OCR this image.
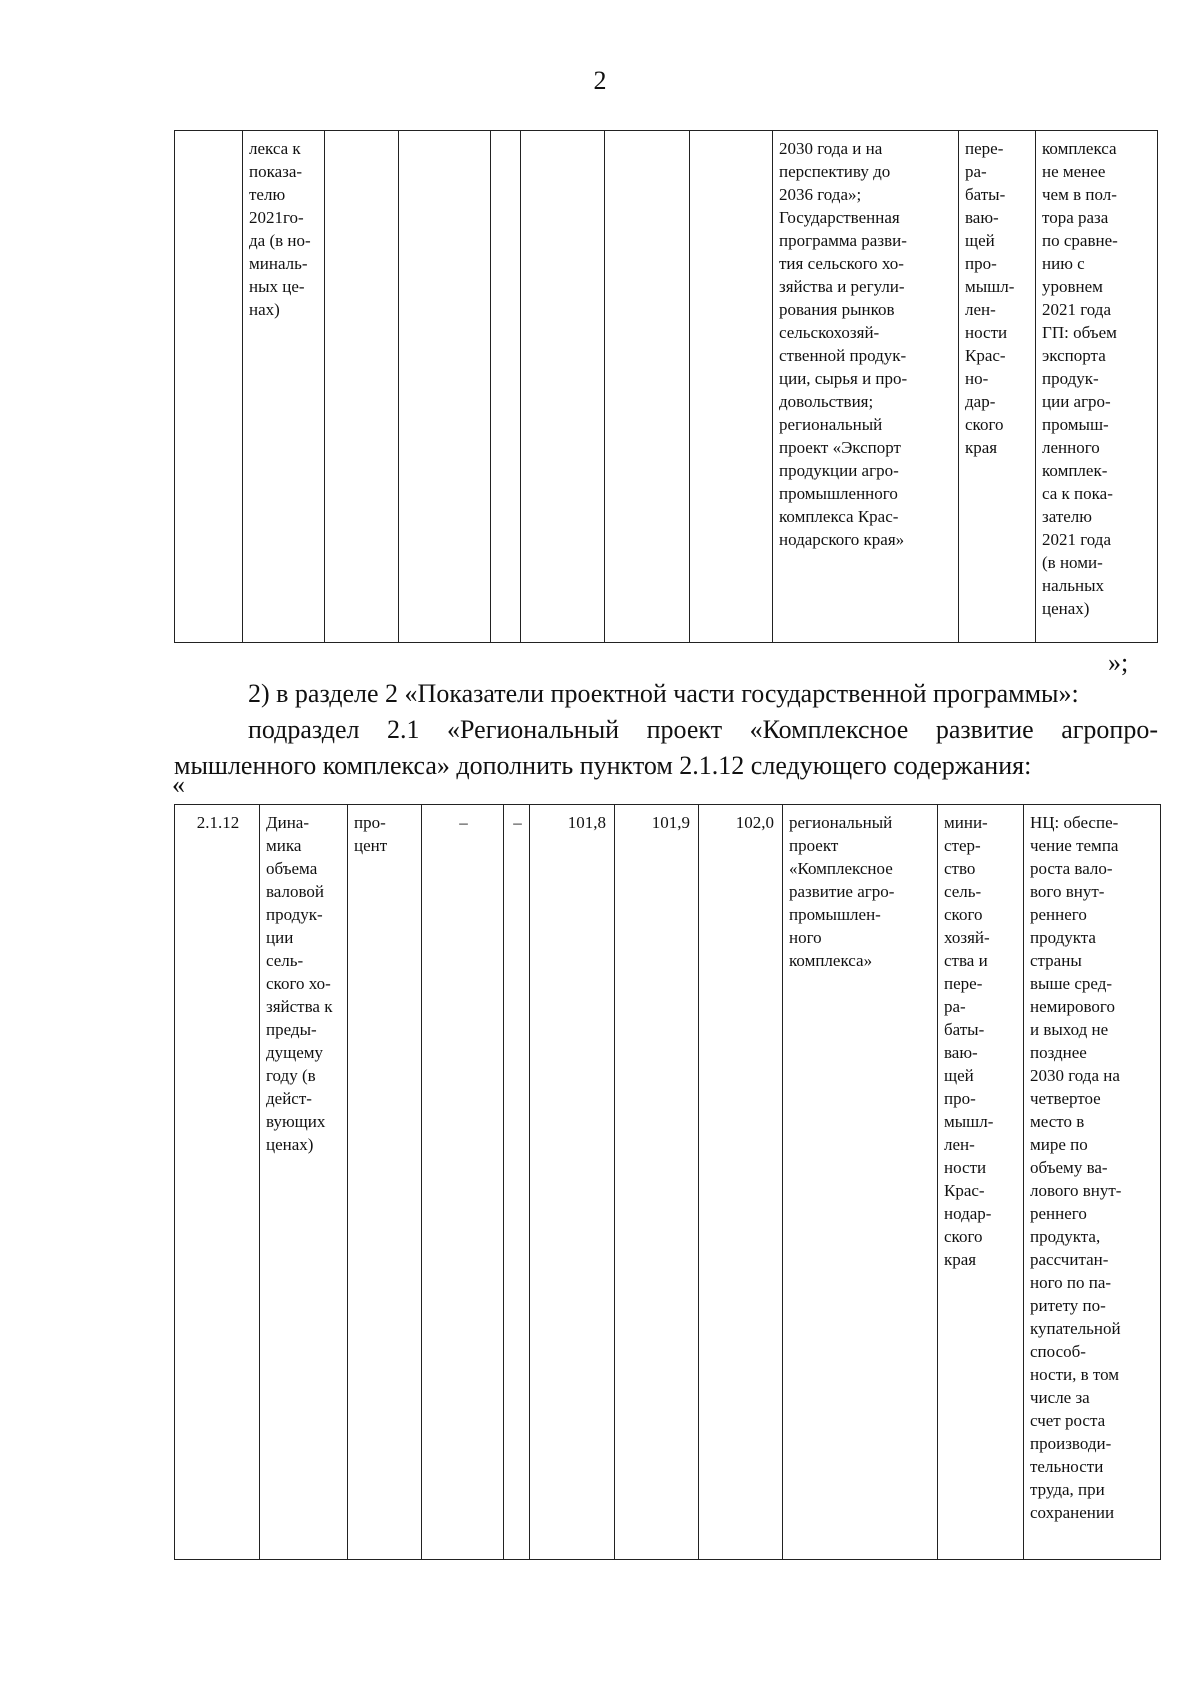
2
	лекса к
показа-
телю
2021го-
да (в но-
миналь-
ных це-
нах)							2030 года и на
перспективу до
2036 года»;
Государственная
программа разви-
тия сельского хо-
зяйства и регули-
рования рынков
сельскохозяй-
ственной продук-
ции, сырья и про-
довольствия;
региональный
проект «Экспорт
продукции агро-
промышленного
комплекса Крас-
нодарского края»	пере-
ра-
баты-
ваю-
щей
про-
мышл-
лен-
ности
Крас-
но-
дар-
ского
края	комплекса
не менее
чем в пол-
тора раза
по сравне-
нию с
уровнем
2021 года
ГП: объем
экспорта
продук-
ции агро-
промыш-
ленного
комплек-
са к пока-
зателю
2021 года
(в номи-
нальных
ценах)
»;
2) в разделе 2 «Показатели проектной части государственной программы»:
подраздел 2.1 «Региональный проект «Комплексное развитие агропро-
мышленного комплекса» дополнить пунктом 2.1.12 следующего содержания:
«
2.1.12	Дина-
мика
объема
валовой
продук-
ции
сель-
ского хо-
зяйства к
преды-
дущему
году (в
дейст-
вующих
ценах)	про-
цент	–	–	101,8	101,9	102,0	региональный
проект
«Комплексное
развитие агро-
промышлен-
ного
комплекса»	мини-
стер-
ство
сель-
ского
хозяй-
ства и
пере-
ра-
баты-
ваю-
щей
про-
мышл-
лен-
ности
Крас-
нодар-
ского
края	НЦ: обеспе-
чение темпа
роста вало-
вого внут-
реннего
продукта
страны
выше сред-
немирового
и выход не
позднее
2030 года на
четвертое
место в
мире по
объему ва-
лового внут-
реннего
продукта,
рассчитан-
ного по па-
ритету по-
купательной
способ-
ности, в том
числе за
счет роста
производи-
тельности
труда, при
сохранении
